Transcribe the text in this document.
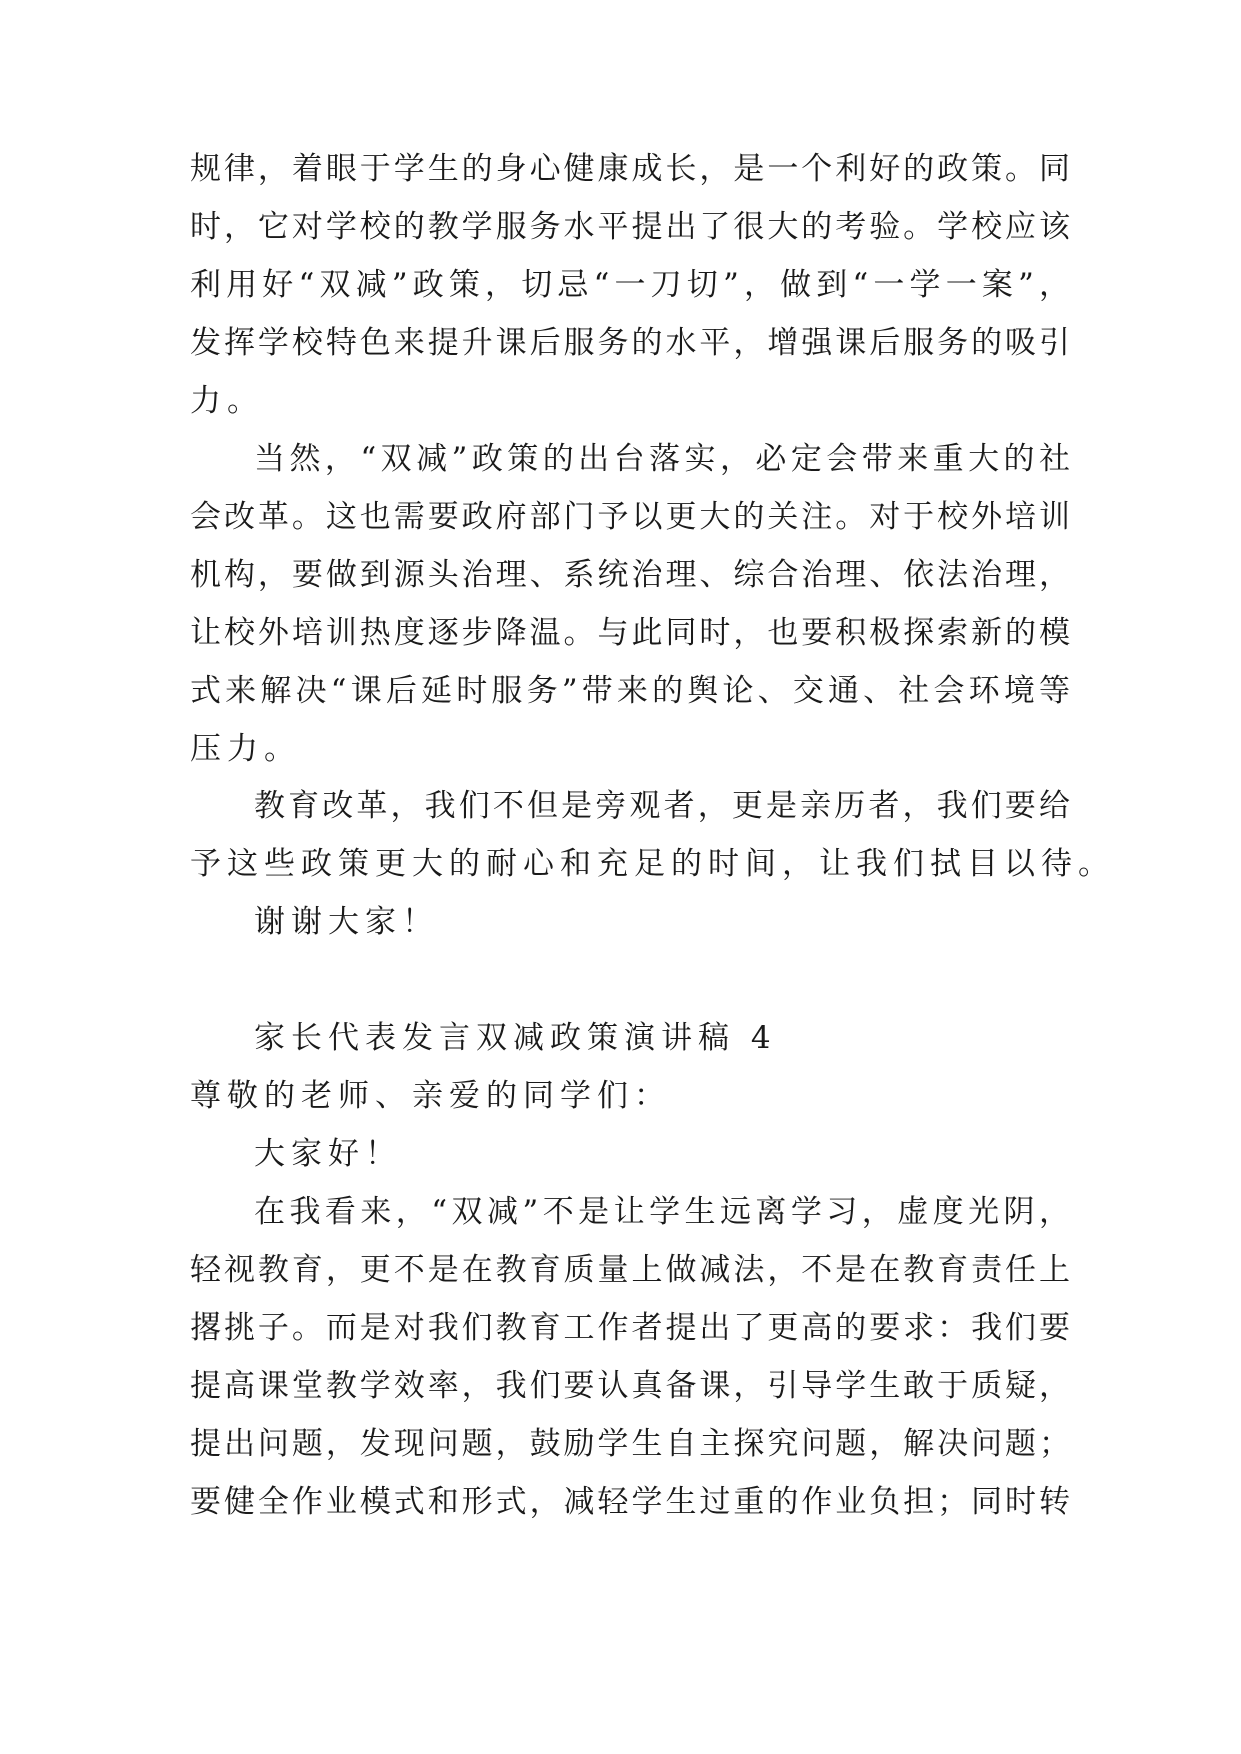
规律，着眼于学生的身心健康成长，是一个利好的政策。同
时，它对学校的教学服务水平提出了很大的考验。学校应该
利用好“双减”政策，切忌“一刀切”，做到“一学一案”，
发挥学校特色来提升课后服务的水平，增强课后服务的吸引
力。
当然，“双减”政策的出台落实，必定会带来重大的社
会改革。这也需要政府部门予以更大的关注。对于校外培训
机构，要做到源头治理、系统治理、综合治理、依法治理，
让校外培训热度逐步降温。与此同时，也要积极探索新的模
式来解决“课后延时服务”带来的舆论、交通、社会环境等
压力。
教育改革，我们不但是旁观者，更是亲历者，我们要给
予这些政策更大的耐心和充足的时间，让我们拭目以待。
谢谢大家！
家长代表发言双减政策演讲稿 4
尊敬的老师、亲爱的同学们：
大家好！
在我看来，“双减”不是让学生远离学习，虚度光阴，
轻视教育，更不是在教育质量上做减法，不是在教育责任上
撂挑子。而是对我们教育工作者提出了更高的要求：我们要
提高课堂教学效率，我们要认真备课，引导学生敢于质疑，
提出问题，发现问题，鼓励学生自主探究问题，解决问题；
要健全作业模式和形式，减轻学生过重的作业负担；同时转
